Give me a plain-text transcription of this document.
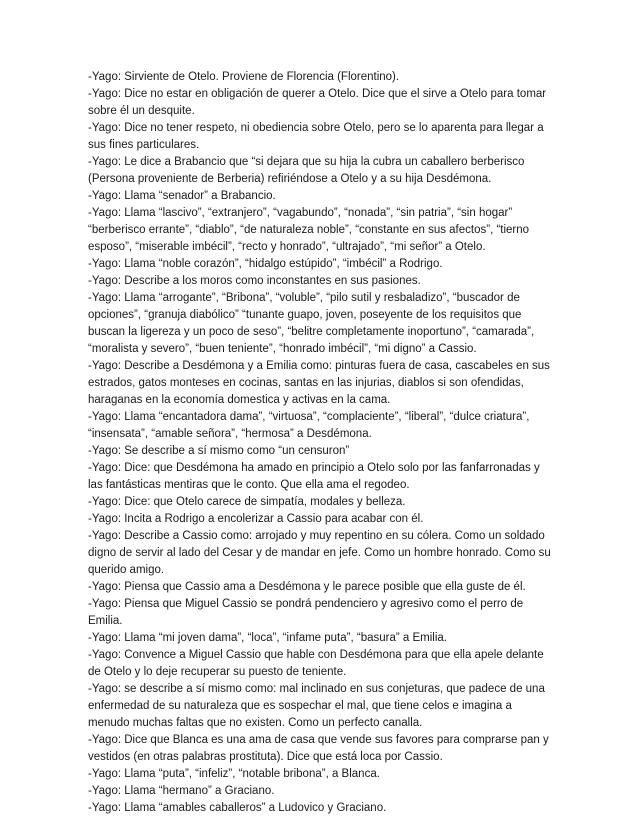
-Yago: Sirviente de Otelo. Proviene de Florencia (Florentino).

-Yago: Dice no estar en obligación de querer a Otelo. Dice que el sirve a Otelo para tomar sobre él un desquite.

-Yago: Dice no tener respeto, ni obediencia sobre Otelo, pero se lo aparenta para llegar a sus fines particulares.

-Yago: Le dice a Brabancio que “si dejara que su hija la cubra un caballero berberisco (Persona proveniente de Berberia) refiriéndose a Otelo y a su hija Desdémona.

-Yago: Llama “senador” a Brabancio.

-Yago: Llama “lascivo”, “extranjero”, “vagabundo”, “nonada”, “sin patria”, “sin hogar” “berberisco errante”, “diablo”, “de naturaleza noble”, “constante en sus afectos”, “tierno esposo”, “miserable imbécil”, “recto y honrado”, “ultrajado”, “mi señor” a Otelo.

-Yago: Llama “noble corazón”, “hidalgo estúpido”, “imbécil” a Rodrigo.

-Yago: Describe a los moros como inconstantes en sus pasiones.

-Yago: Llama “arrogante”, “Bribona”, “voluble”, “pilo sutil y resbaladizo”, “buscador de opciones”, “granuja diabólico” “tunante guapo, joven, poseyente de los requisitos que buscan la ligereza y un poco de seso”, “belitre completamente inoportuno”, “camarada”, “moralista y severo”, “buen teniente”, “honrado imbécil”, “mi digno” a Cassio.

-Yago: Describe a Desdémona y a Emilia como: pinturas fuera de casa, cascabeles en sus estrados, gatos monteses en cocinas, santas en las injurias, diablos si son ofendidas, haraganas en la economía domestica y activas en la cama.

-Yago: Llama “encantadora dama”, “virtuosa”, “complaciente”, “liberal”, “dulce criatura”, “insensata”, “amable señora”, “hermosa” a Desdémona.

-Yago: Se describe a sí mismo como “un censuron”

-Yago: Dice: que Desdémona ha amado en principio a Otelo solo por las fanfarronadas y las fantásticas mentiras que le conto. Que ella ama el regodeo.

-Yago: Dice: que Otelo carece de simpatía, modales y belleza.

-Yago: Incita a Rodrigo a encolerizar a Cassio para acabar con él.

-Yago: Describe a Cassio como: arrojado y muy repentino en su cólera. Como un soldado digno de servir al lado del Cesar y de mandar en jefe. Como un hombre honrado. Como su querido amigo.

-Yago: Piensa que Cassio ama a Desdémona y le parece posible que ella guste de él.

-Yago: Piensa que Miguel Cassio se pondrá pendenciero y agresivo como el perro de Emilia.

-Yago: Llama “mi joven dama”, “loca”, “infame puta”, “basura” a Emilia.

-Yago: Convence a Miguel Cassio que hable con Desdémona para que ella apele delante de Otelo y lo deje recuperar su puesto de teniente.

-Yago: se describe a sí mismo como: mal inclinado en sus conjeturas, que padece de una enfermedad de su naturaleza que es sospechar el mal, que tiene celos e imagina a menudo muchas faltas que no existen. Como un perfecto canalla.

-Yago: Dice que Blanca es una ama de casa que vende sus favores para comprarse pan y vestidos (en otras palabras prostituta). Dice que está loca por Cassio.

-Yago: Llama “puta”, “infeliz”, “notable bribona”, a Blanca.

-Yago: Llama “hermano” a Graciano.

-Yago: Llama “amables caballeros” a Ludovico y Graciano.
